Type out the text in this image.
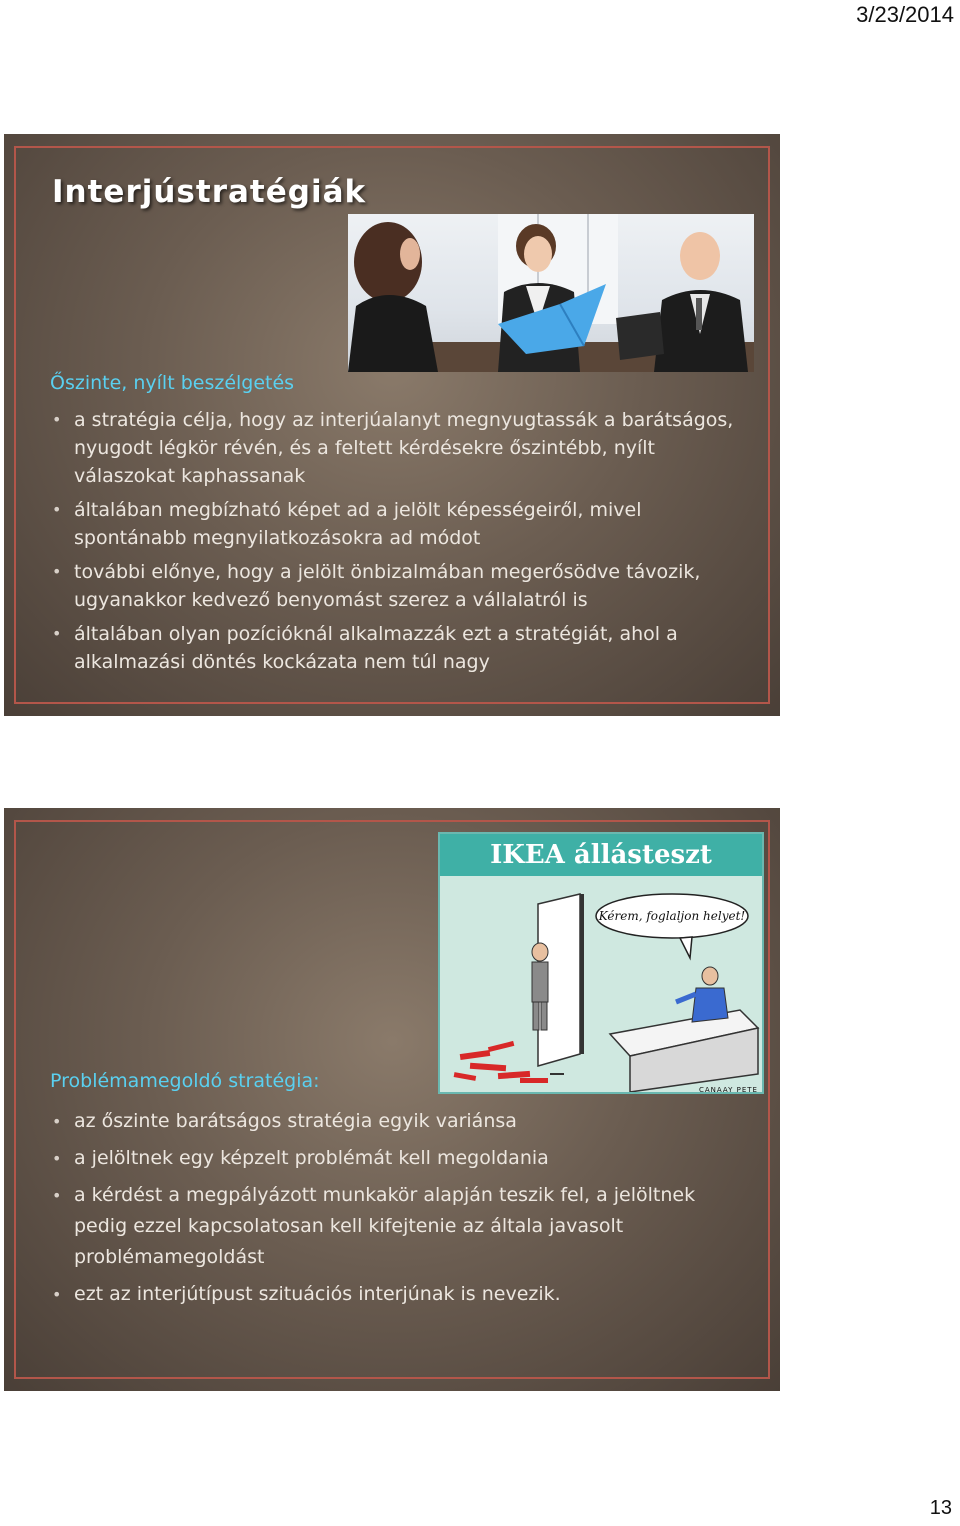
3/23/2014
Interjústratégiák
Őszinte, nyílt beszélgetés
• a stratégia célja, hogy az interjúalanyt megnyugtassák a barátságos, nyugodt légkör révén, és a feltett kérdésekre őszintébb, nyílt válaszokat kaphassanak
• általában megbízható képet ad a jelölt képességeiről, mivel spontánabb megnyilatkozásokra ad módot
• további előnye, hogy a jelölt önbizalmában megerősödve távozik, ugyanakkor kedvező benyomást szerez a vállalatról is
• általában olyan pozícióknál alkalmazzák ezt a stratégiát, ahol a alkalmazási döntés kockázata nem túl nagy
IKEA állásteszt
Kérem, foglaljon helyet!
CANAAY PETE
Problémamegoldó stratégia:
• az őszinte barátságos stratégia egyik variánsa
• a jelöltnek egy képzelt problémát kell megoldania
• a kérdést a megpályázott munkakör alapján teszik fel, a jelöltnek pedig ezzel kapcsolatosan kell kifejtenie az általa javasolt problémamegoldást
• ezt az interjútípust szituációs interjúnak is nevezik.
13
